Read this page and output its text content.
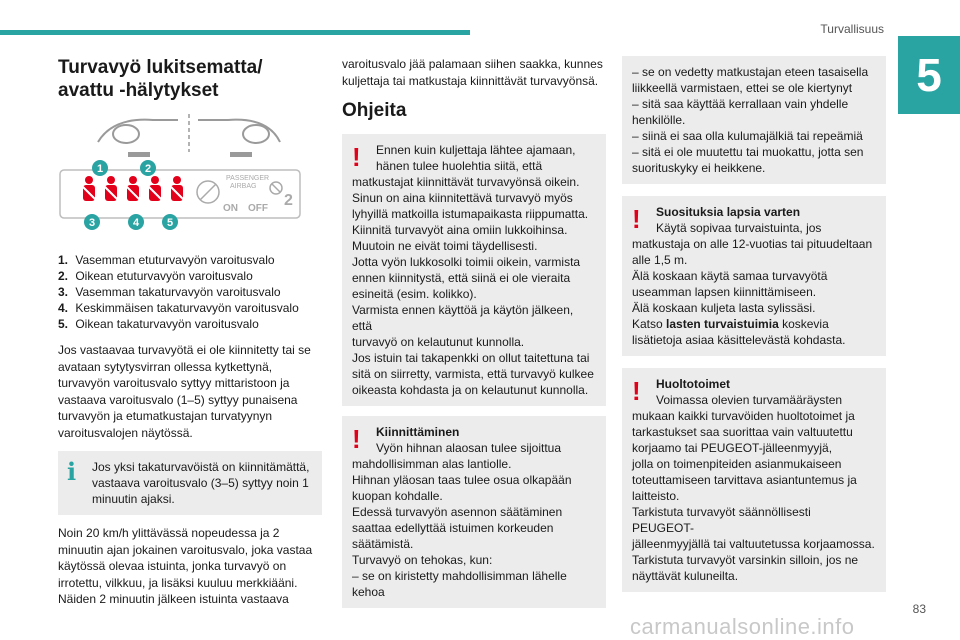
Turvallisuus
5
Turvavyö lukitsematta/ avattu -hälytykset
1	2
3	4	5
PASSENGER
AIRBAG
ON OFF 2
1. Vasemman etuturvavyön varoitusvalo
2. Oikean etuturvavyön varoitusvalo
3. Vasemman takaturvavyön varoitusvalo
4. Keskimmäisen takaturvavyön varoitusvalo
5. Oikean takaturvavyön varoitusvalo
Jos vastaavaa turvavyötä ei ole kiinnitetty tai se avataan sytytysvirran ollessa kytkettynä, turvavyön varoitusvalo syttyy mittaristoon ja vastaava varoitusvalo (1–5) syttyy punaisena turvavyön ja etumatkustajan turvatyynyn varoitusvalojen näytössä.
i	Jos yksi takaturvavöistä on kiinnitämättä, vastaava varoitusvalo (3–5) syttyy noin 1 minuutin ajaksi.
Noin 20 km/h ylittävässä nopeudessa ja 2 minuutin ajan jokainen varoitusvalo, joka vastaa käytössä olevaa istuinta, jonka turvavyö on irrotettu, vilkkuu, ja lisäksi kuuluu merkkiääni. Näiden 2 minuutin jälkeen istuinta vastaava
varoitusvalo jää palamaan siihen saakka, kunnes kuljettaja tai matkustaja kiinnittävät turvavyönsä.
Ohjeita
!	Ennen kuin kuljettaja lähtee ajamaan,
hänen tulee huolehtia siitä, että
matkustajat kiinnittävät turvavyönsä oikein.
Sinun on aina kiinnitettävä turvavyö myös
lyhyillä matkoilla istumapaikasta riippumatta.
Kiinnitä turvavyöt aina omiin lukkoihinsa.
Muutoin ne eivät toimi täydellisesti.
Jotta vyön lukkosolki toimii oikein, varmista
ennen kiinnitystä, että siinä ei ole vieraita
esineitä (esim. kolikko).
Varmista ennen käyttöä ja käytön jälkeen, että
turvavyö on kelautunut kunnolla.
Jos istuin tai takapenkki on ollut taitettuna tai
sitä on siirretty, varmista, että turvavyö kulkee
oikeasta kohdasta ja on kelautunut kunnolla.
!	Kiinnittäminen
Vyön hihnan alaosan tulee sijoittua
mahdollisimman alas lantiolle.
Hihnan yläosan taas tulee osua olkapään
kuopan kohdalle.
Edessä turvavyön asennon säätäminen
saattaa edellyttää istuimen korkeuden
säätämistä.
Turvavyö on tehokas, kun:
– se on kiristetty mahdollisimman lähelle
kehoa
– se on vedetty matkustajan eteen tasaisella
liikkeellä varmistaen, ettei se ole kiertynyt
– sitä saa käyttää kerrallaan vain yhdelle
henkilölle.
– siinä ei saa olla kulumajälkiä tai repeämiä
– sitä ei ole muutettu tai muokattu, jotta sen
suorituskyky ei heikkene.
!	Suosituksia lapsia varten
Käytä sopivaa turvaistuinta, jos
matkustaja on alle 12-vuotias tai pituudeltaan
alle 1,5 m.
Älä koskaan käytä samaa turvavyötä
useamman lapsen kiinnittämiseen.
Älä koskaan kuljeta lasta sylissäsi.
Katso lasten turvaistuimia koskevia
lisätietoja asiaa käsittelevästä kohdasta.
!	Huoltotoimet
Voimassa olevien turvamääräysten
mukaan kaikki turvavöiden huoltotoimet ja
tarkastukset saa suorittaa vain valtuutettu
korjaamo tai PEUGEOT-jälleenmyyjä,
jolla on toimenpiteiden asianmukaiseen
toteuttamiseen tarvittava asiantuntemus ja
laitteisto.
Tarkistuta turvavyöt säännöllisesti PEUGEOT-
jälleenmyyjällä tai valtuutetussa korjaamossa.
Tarkistuta turvavyöt varsinkin silloin, jos ne
näyttävät kuluneilta.
carmanualsonline.info
83
